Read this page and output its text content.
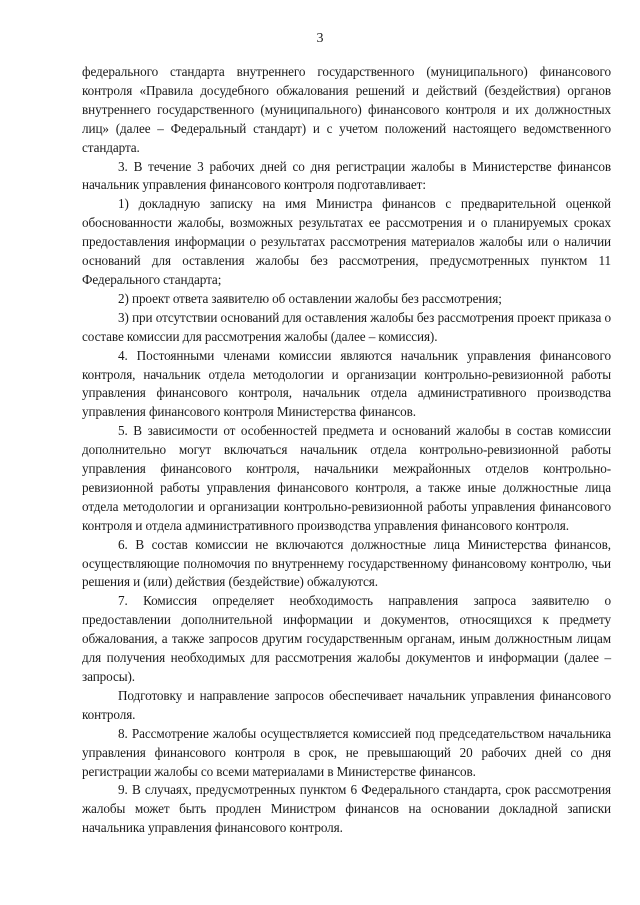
3

федерального стандарта внутреннего государственного (муниципального) финансового контроля «Правила досудебного обжалования решений и действий (бездействия) органов внутреннего государственного (муниципального) финансового контроля и их должностных лиц» (далее – Федеральный стандарт) и с учетом положений настоящего ведомственного стандарта.

3. В течение 3 рабочих дней со дня регистрации жалобы в Министерстве финансов начальник управления финансового контроля подготавливает:

1) докладную записку на имя Министра финансов с предварительной оценкой обоснованности жалобы, возможных результатах ее рассмотрения и о планируемых сроках предоставления информации о результатах рассмотрения материалов жалобы или о наличии оснований для оставления жалобы без рассмотрения, предусмотренных пунктом 11 Федерального стандарта;

2) проект ответа заявителю об оставлении жалобы без рассмотрения;

3) при отсутствии оснований для оставления жалобы без рассмотрения проект приказа о составе комиссии для рассмотрения жалобы (далее – комиссия).

4. Постоянными членами комиссии являются начальник управления финансового контроля, начальник отдела методологии и организации контрольно-ревизионной работы управления финансового контроля, начальник отдела административного производства управления финансового контроля Министерства финансов.

5. В зависимости от особенностей предмета и оснований жалобы в состав комиссии дополнительно могут включаться начальник отдела контрольно-ревизионной работы управления финансового контроля, начальники межрайонных отделов контрольно-ревизионной работы управления финансового контроля, а также иные должностные лица отдела методологии и организации контрольно-ревизионной работы управления финансового контроля и отдела административного производства управления финансового контроля.

6. В состав комиссии не включаются должностные лица Министерства финансов, осуществляющие полномочия по внутреннему государственному финансовому контролю, чьи решения и (или) действия (бездействие) обжалуются.

7. Комиссия определяет необходимость направления запроса заявителю о предоставлении дополнительной информации и документов, относящихся к предмету обжалования, а также запросов другим государственным органам, иным должностным лицам для получения необходимых для рассмотрения жалобы документов и информации (далее – запросы).

Подготовку и направление запросов обеспечивает начальник управления финансового контроля.

8. Рассмотрение жалобы осуществляется комиссией под председательством начальника управления финансового контроля в срок, не превышающий 20 рабочих дней со дня регистрации жалобы со всеми материалами в Министерстве финансов.

9. В случаях, предусмотренных пунктом 6 Федерального стандарта, срок рассмотрения жалобы может быть продлен Министром финансов на основании докладной записки начальника управления финансового контроля.
